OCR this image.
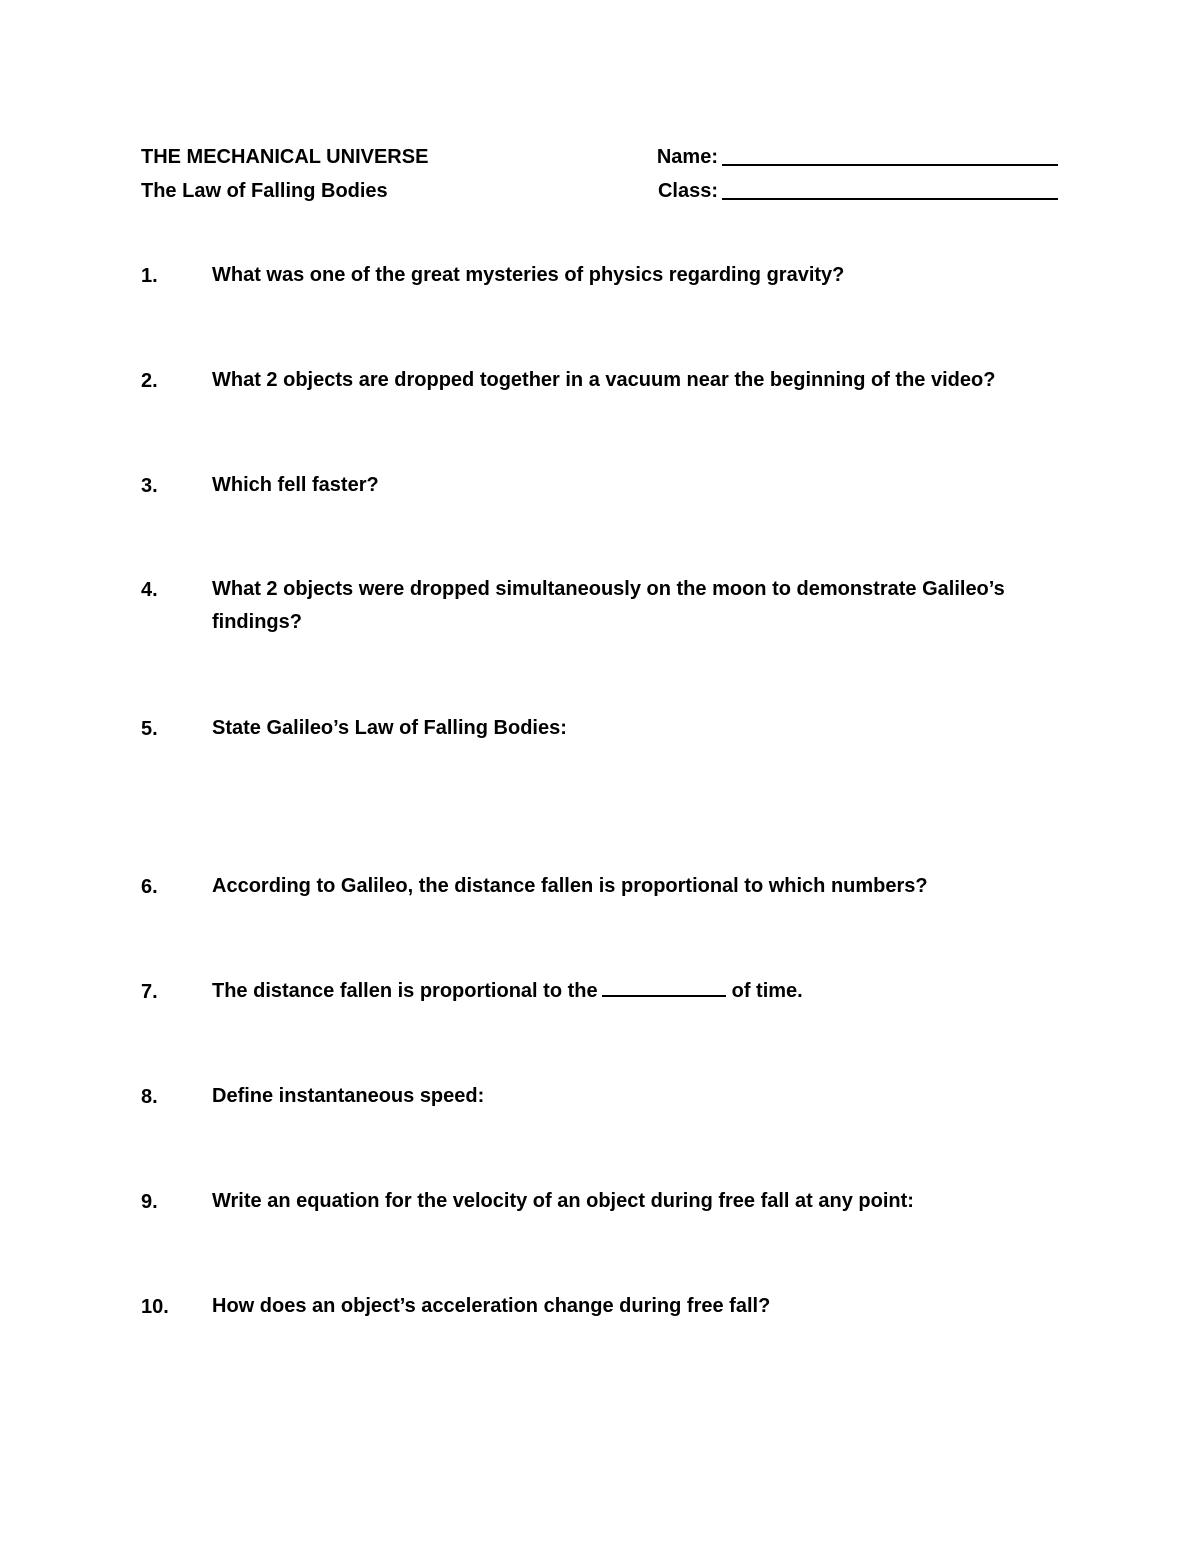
THE MECHANICAL UNIVERSE
The Law of Falling Bodies
Name:
Class:
1.	What was one of the great mysteries of physics regarding gravity?
2.	What 2 objects are dropped together in a vacuum near the beginning of the video?
3.	Which fell faster?
4.	What 2 objects were dropped simultaneously on the moon to demonstrate Galileo’s findings?
5.	State Galileo’s Law of Falling Bodies:
6.	According to Galileo, the distance fallen is proportional to which numbers?
7.	The distance fallen is proportional to the	of time.
8.	Define instantaneous speed:
9.	Write an equation for the velocity of an object during free fall at any point:
10. How does an object’s acceleration change during free fall?
